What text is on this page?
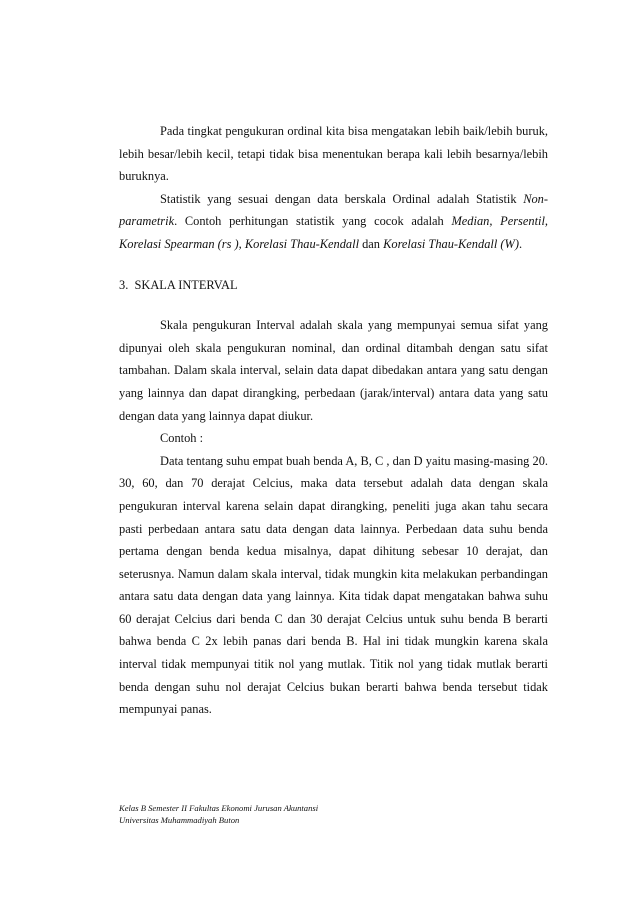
Pada tingkat pengukuran ordinal kita bisa mengatakan lebih baik/lebih buruk, lebih besar/lebih kecil, tetapi tidak bisa menentukan berapa kali lebih besarnya/lebih buruknya.

Statistik yang sesuai dengan data berskala Ordinal adalah Statistik Non-parametrik. Contoh perhitungan statistik yang cocok adalah Median, Persentil, Korelasi Spearman (rs ), Korelasi Thau-Kendall dan Korelasi Thau-Kendall (W).

3. SKALA INTERVAL

Skala pengukuran Interval adalah skala yang mempunyai semua sifat yang dipunyai oleh skala pengukuran nominal, dan ordinal ditambah dengan satu sifat tambahan. Dalam skala interval, selain data dapat dibedakan antara yang satu dengan yang lainnya dan dapat dirangking, perbedaan (jarak/interval) antara data yang satu dengan data yang lainnya dapat diukur.

Contoh :

Data tentang suhu empat buah benda A, B, C , dan D yaitu masing-masing 20. 30, 60, dan 70 derajat Celcius, maka data tersebut adalah data dengan skala pengukuran interval karena selain dapat dirangking, peneliti juga akan tahu secara pasti perbedaan antara satu data dengan data lainnya. Perbedaan data suhu benda pertama dengan benda kedua misalnya, dapat dihitung sebesar 10 derajat, dan seterusnya. Namun dalam skala interval, tidak mungkin kita melakukan perbandingan antara satu data dengan data yang lainnya. Kita tidak dapat mengatakan bahwa suhu 60 derajat Celcius dari benda C dan 30 derajat Celcius untuk suhu benda B berarti bahwa benda C 2x lebih panas dari benda B. Hal ini tidak mungkin karena skala interval tidak mempunyai titik nol yang mutlak. Titik nol yang tidak mutlak berarti benda dengan suhu nol derajat Celcius bukan berarti bahwa benda tersebut tidak mempunyai panas.

Kelas B Semester II Fakultas Ekonomi Jurusan Akuntansi
Universitas Muhammadiyah Buton
